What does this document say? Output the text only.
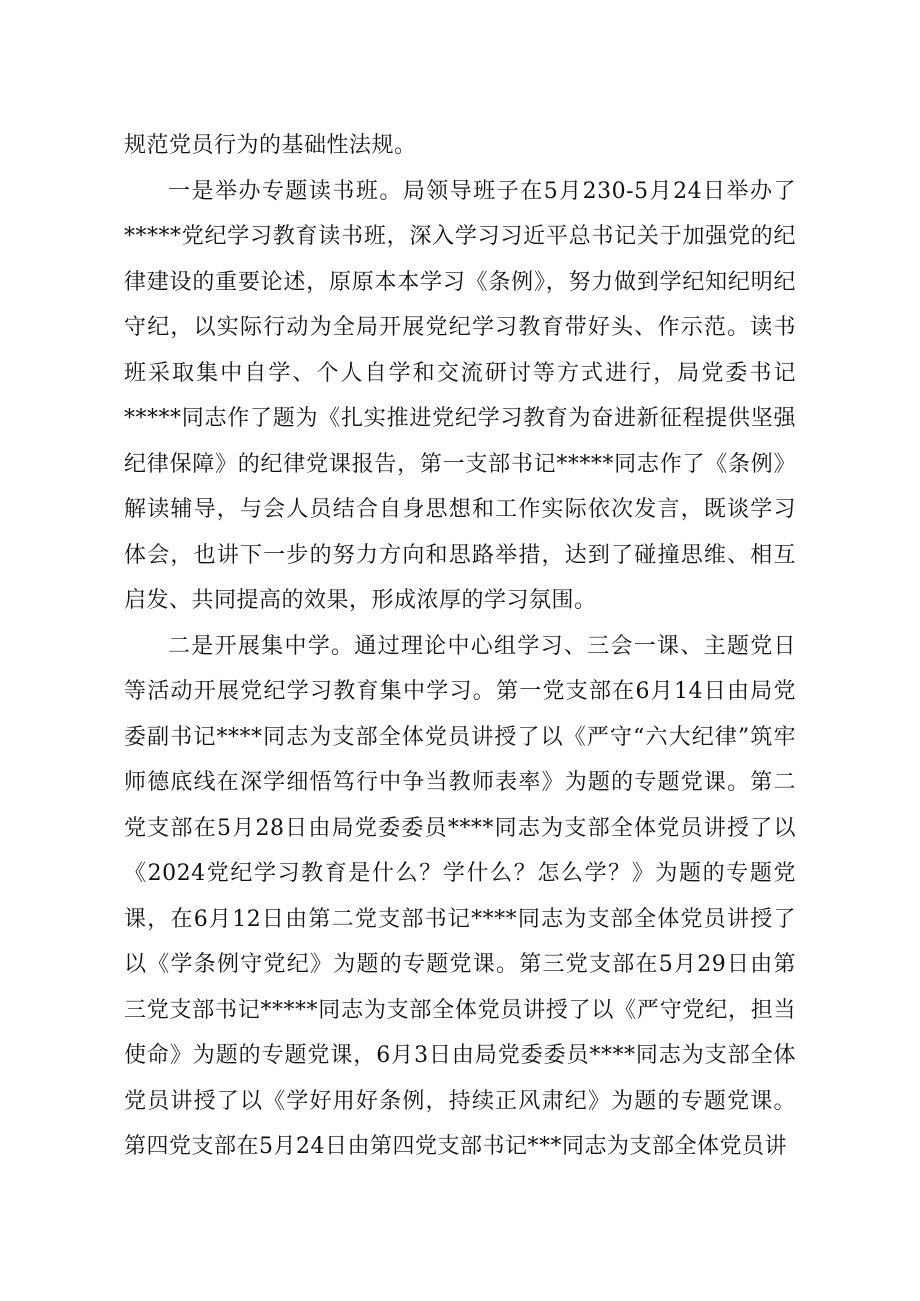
规范党员行为的基础性法规。

一是举办专题读书班。局领导班子在5月230-5月24日举办了*****党纪学习教育读书班，深入学习习近平总书记关于加强党的纪律建设的重要论述，原原本本学习《条例》，努力做到学纪知纪明纪守纪，以实际行动为全局开展党纪学习教育带好头、作示范。读书班采取集中自学、个人自学和交流研讨等方式进行，局党委书记*****同志作了题为《扎实推进党纪学习教育为奋进新征程提供坚强纪律保障》的纪律党课报告，第一支部书记*****同志作了《条例》解读辅导，与会人员结合自身思想和工作实际依次发言，既谈学习体会，也讲下一步的努力方向和思路举措，达到了碰撞思维、相互启发、共同提高的效果，形成浓厚的学习氛围。

二是开展集中学。通过理论中心组学习、三会一课、主题党日等活动开展党纪学习教育集中学习。第一党支部在6月14日由局党委副书记****同志为支部全体党员讲授了以《严守“六大纪律”筑牢师德底线在深学细悟笃行中争当教师表率》为题的专题党课。第二党支部在5月28日由局党委委员****同志为支部全体党员讲授了以《2024党纪学习教育是什么？学什么？怎么学？》为题的专题党课，在6月12日由第二党支部书记****同志为支部全体党员讲授了以《学条例守党纪》为题的专题党课。第三党支部在5月29日由第三党支部书记*****同志为支部全体党员讲授了以《严守党纪，担当使命》为题的专题党课，6月3日由局党委委员****同志为支部全体党员讲授了以《学好用好条例，持续正风肃纪》为题的专题党课。第四党支部在5月24日由第四党支部书记***同志为支部全体党员讲
